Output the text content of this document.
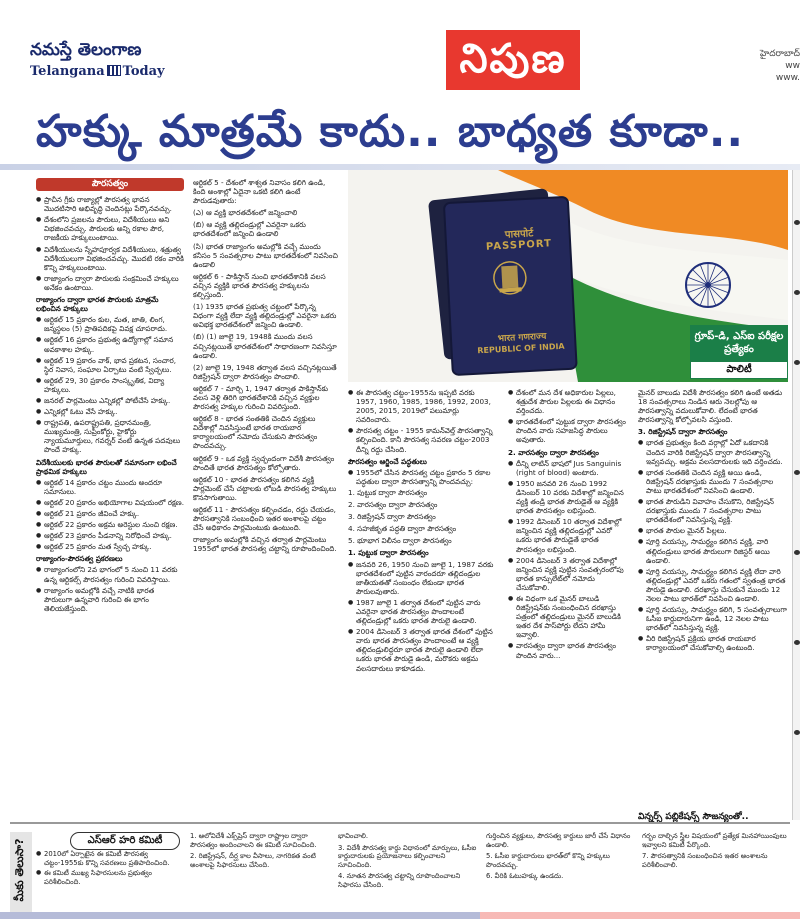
నమస్తే తెలంగాణ
Telangana Today	నిపుణ	హైదరాబాద్
ww
www.
హక్కు మాత్రమే కాదు.. బాధ్యత కూడా..
పౌరసత్వం
● ప్రాచీన గ్రీకు రాజ్యాల్లో పౌరసత్వ భావన మొదటిసారి అభివృద్ధి చెందినట్లు పేర్కొనవచ్చు.
● దేశంలోని ప్రజలను పౌరులు, విదేశీయులు అని విభజించవచ్చు. పౌరులకు అన్ని రకాల పౌర, రాజకీయ హక్కులుంటాయి.
● విదేశీయులను స్నేహపూర్వక విదేశీయులు, శత్రుత్వ విదేశీయులుగా విభజించవచ్చు. మొదటి రకం వారికి కొన్ని హక్కులుంటాయి.
● రాజ్యాంగం ద్వారా పౌరులకు సంక్రమించే హక్కులు అనేకం ఉంటాయి.
రాజ్యాంగం ద్వారా భారత పౌరులకు మాత్రమే లభించిన హక్కులు
● ఆర్టికల్ 15 ప్రకారం కుల, మత, జాతి, లింగ, జన్మస్థలం (5) ప్రాతిపదికపై వివక్ష చూపరాదు.
● ఆర్టికల్ 16 ప్రకారం ప్రభుత్వ ఉద్యోగాల్లో సమాన అవకాశాల హక్కు.
● ఆర్టికల్ 19 ప్రకారం వాక్, భావ ప్రకటన, సంచార, స్థిర నివాస, సంఘాల ఏర్పాటు వంటి స్వేచ్ఛలు.
● ఆర్టికల్ 29, 30 ప్రకారం సాంస్కృతిక, విద్యా హక్కులు.
● జనరల్ పార్లమెంటు ఎన్నికల్లో పోటీచేసే హక్కు.
● ఎన్నికల్లో ఓటు వేసే హక్కు.
● రాష్ట్రపతి, ఉపరాష్ట్రపతి, ప్రధానమంత్రి, ముఖ్యమంత్రి, సుప్రీంకోర్టు, హైకోర్టు న్యాయమూర్తులు, గవర్నర్ వంటి ఉన్నత పదవులు పొందే హక్కు.
విదేశీయులకు భారత పౌరులతో సమానంగా లభించే ప్రాథమిక హక్కులు
● ఆర్టికల్ 14 ప్రకారం చట్టం ముందు అందరూ సమానులు.
● ఆర్టికల్ 20 ప్రకారం అభియోగాల విషయంలో రక్షణ.
● ఆర్టికల్ 21 ప్రకారం జీవించే హక్కు.
● ఆర్టికల్ 22 ప్రకారం అక్రమ అరెస్టుల నుంచి రక్షణ.
● ఆర్టికల్ 23 ప్రకారం పీడనాన్ని నిరోధించే హక్కు.
● ఆర్టికల్ 25 ప్రకారం మత స్వేచ్ఛ హక్కు.
రాజ్యాంగం-పౌరసత్వ ప్రకరణలు
● రాజ్యాంగంలోని 2వ భాగంలో 5 నుంచి 11 వరకు ఉన్న ఆర్టికల్స్ పౌరసత్వం గురించి వివరిస్తాయి.
● రాజ్యాంగం అమల్లోకి వచ్చే నాటికి భారత పౌరులుగా ఉన్నవారి గురించి ఈ భాగం తెలియజేస్తుంది.

ఆర్టికల్ 5 - దేశంలో శాశ్వత నివాసం కలిగి ఉండి, కింది అంశాల్లో ఏదైనా ఒకటి కలిగి ఉంటే పౌరుడవుతారు:

(ఎ) ఆ వ్యక్తి భారతదేశంలో జన్మించాలి

(బి) ఆ వ్యక్తి తల్లిదండ్రుల్లో ఎవరైనా ఒకరు భారతదేశంలో జన్మించి ఉండాలి

(సి) భారత రాజ్యాంగం అమల్లోకి వచ్చే ముందు కనీసం 5 సంవత్సరాల పాటు భారతదేశంలో నివసించి ఉండాలి

ఆర్టికల్ 6 - పాకిస్తాన్ నుంచి భారతదేశానికి వలస వచ్చిన వ్యక్తికి భారత పౌరసత్వ హక్కులను కల్పిస్తుంది.

(1) 1935 భారత ప్రభుత్వ చట్టంలో పేర్కొన్న విధంగా వ్యక్తి లేదా వ్యక్తి తల్లిదండ్రుల్లో ఎవరైనా ఒకరు అవిభక్త భారతదేశంలో జన్మించి ఉండాలి.

(బి) (1) జూలై 19, 1948కి ముందు వలస వచ్చినట్లయితే భారతదేశంలో సాధారణంగా నివసిస్తూ ఉండాలి.

(2) జూలై 19, 1948 తర్వాత వలస వచ్చినట్లయితే రిజిస్ట్రేషన్ ద్వారా పౌరసత్వం పొందాలి.

ఆర్టికల్ 7 - మార్చి 1, 1947 తర్వాత పాకిస్తాన్‌కు వలస వెళ్లి తిరిగి భారతదేశానికి వచ్చిన వ్యక్తుల పౌరసత్వ హక్కుల గురించి వివరిస్తుంది.

ఆర్టికల్ 8 - భారత సంతతికి చెందిన వ్యక్తులు విదేశాల్లో నివసిస్తుంటే భారత రాయబార కార్యాలయంలో నమోదు చేసుకుని పౌరసత్వం పొందవచ్చు.

ఆర్టికల్ 9 - ఒక వ్యక్తి స్వచ్ఛందంగా విదేశీ పౌరసత్వం పొందితే భారత పౌరసత్వం కోల్పోతారు.

ఆర్టికల్ 10 - భారత పౌరసత్వం కలిగిన వ్యక్తి పార్లమెంట్ చేసే చట్టాలకు లోబడి పౌరసత్వ హక్కులు కొనసాగుతాయి.

ఆర్టికల్ 11 - పౌరసత్వం కల్పించడం, రద్దు చేయడం, పౌరసత్వానికి సంబంధించి ఇతర అంశాలపై చట్టం చేసే అధికారం పార్లమెంటుకు ఉంటుంది.

రాజ్యాంగం అమల్లోకి వచ్చిన తర్వాత పార్లమెంటు 1955లో భారత పౌరసత్వ చట్టాన్ని రూపొందించింది.

पासपोर्ट
PASSPORT
भारत गणराज्य
REPUBLIC OF INDIA
గ్రూప్-డి, ఎస్ఐ పరీక్షల ప్రత్యేకం
పాలిటీ
● ఈ పౌరసత్వ చట్టం-1955ను ఇప్పటి వరకు 1957, 1960, 1985, 1986, 1992, 2003, 2005, 2015, 2019లో పలుమార్లు సవరించారు.
● పౌరసత్వ చట్టం - 1955 కామన్‌వెల్త్ పౌరసత్వాన్ని కల్పించింది. కానీ పౌరసత్వ సవరణ చట్టం-2003 దీన్ని రద్దు చేసింది.
పౌరసత్వం ఆర్జించే పద్ధతులు
● 1955లో చేసిన పౌరసత్వ చట్టం ప్రకారం 5 రకాల పద్ధతుల ద్వారా పౌరసత్వాన్ని పొందవచ్చు:

1. పుట్టుక ద్వారా పౌరసత్వం

2. వారసత్వం ద్వారా పౌరసత్వం

3. రిజిస్ట్రేషన్ ద్వారా పౌరసత్వం

4. సహజీకృత పద్ధతి ద్వారా పౌరసత్వం

5. భూభాగ విలీనం ద్వారా పౌరసత్వం

1. పుట్టుక ద్వారా పౌరసత్వం
● జనవరి 26, 1950 నుంచి జూలై 1, 1987 వరకు భారతదేశంలో పుట్టిన వారందరూ తల్లిదండ్రుల జాతీయతతో సంబంధం లేకుండా భారత పౌరులవుతారు.
● 1987 జూలై 1 తర్వాత దేశంలో పుట్టిన వారు ఎవరైనా భారత పౌరసత్వం పొందాలంటే తల్లిదండ్రుల్లో ఒకరు భారత పౌరులై ఉండాలి.
● 2004 డిసెంబర్ 3 తర్వాత భారత దేశంలో పుట్టిన వారు భారత పౌరసత్వం పొందాలంటే ఆ వ్యక్తి తల్లిదండ్రులిద్దరూ భారత పౌరులై ఉండాలి లేదా ఒకరు భారత పౌరుడై ఉండి, మరొకరు అక్రమ వలసదారులు కాకూడదు.
● దేశంలో మన దేశ అధికారుల పిల్లలు, శత్రుదేశ పౌరుల పిల్లలకు ఈ విధానం వర్తించదు.
● భారతదేశంలో పుట్టుక ద్వారా పౌరసత్వం పొందిన వారు సహజసిద్ధ పౌరులు అవుతారు.
2. వారసత్వం ద్వారా పౌరసత్వం
● దీన్ని లాటిన్ భాషలో Jus Sanguinis (right of blood) అంటారు.
● 1950 జనవరి 26 నుంచి 1992 డిసెంబర్ 10 వరకు విదేశాల్లో జన్మించిన వ్యక్తి తండ్రి భారత పౌరుడైతే ఆ వ్యక్తికి భారత పౌరసత్వం లభిస్తుంది.
● 1992 డిసెంబర్ 10 తర్వాత విదేశాల్లో జన్మించిన వ్యక్తి తల్లిదండ్రుల్లో ఎవరో ఒకరు భారత పౌరుడైతే భారత పౌరసత్వం లభిస్తుంది.
● 2004 డిసెంబర్ 3 తర్వాత విదేశాల్లో జన్మించిన వ్యక్తి పుట్టిన సంవత్సరంలోపు భారత కాన్సులేట్‌లో నమోదు చేసుకోవాలి.
● ఈ విధంగా ఒక మైనర్ బాలుడి రిజిస్ట్రేషన్‌కు సంబంధించిన దరఖాస్తు పత్రంలో తల్లిదండ్రులు మైనర్ బాలుడికి ఇతర దేశ పాస్‌పోర్టు లేదని హామీ ఇవ్వాలి.
● వారసత్వం ద్వారా భారత పౌరసత్వం పొందిన వారు...

మైనర్ బాలుడు విదేశీ పౌరసత్వం కలిగి ఉంటే అతడు 18 సంవత్సరాలు నిండిన ఆరు నెలల్లోపు ఆ పౌరసత్వాన్ని వదులుకోవాలి. లేదంటే భారత పౌరసత్వాన్ని కోల్పోవలసి వస్తుంది.

3. రిజిస్ట్రేషన్ ద్వారా పౌరసత్వం
● భారత ప్రభుత్వం కింది వర్గాల్లో ఏదో ఒకదానికి చెందిన వారికి రిజిస్ట్రేషన్ ద్వారా పౌరసత్వాన్ని ఇవ్వవచ్చు. అక్రమ వలసదారులకు ఇది వర్తించదు.
● భారత సంతతికి చెందిన వ్యక్తి అయి ఉండి, రిజిస్ట్రేషన్ దరఖాస్తుకు ముందు 7 సంవత్సరాల పాటు భారతదేశంలో నివసించి ఉండాలి.
● భారత పౌరుడిని వివాహం చేసుకొని, రిజిస్ట్రేషన్ దరఖాస్తుకు ముందు 7 సంవత్సరాల పాటు భారతదేశంలో నివసిస్తున్న వ్యక్తి.
● భారత పౌరుల మైనర్ పిల్లలు.
● పూర్తి వయస్సు, సామర్థ్యం కలిగిన వ్యక్తి, వారి తల్లిదండ్రులు భారత పౌరులుగా రిజిస్టర్ అయి ఉండాలి.
● పూర్తి వయస్సు, సామర్థ్యం కలిగిన వ్యక్తి లేదా వారి తల్లిదండ్రుల్లో ఎవరో ఒకరు గతంలో స్వతంత్ర భారత పౌరుడై ఉండాలి. దరఖాస్తు చేసుకునే ముందు 12 నెలల పాటు భారత్‌లో నివసించి ఉండాలి.
● పూర్తి వయస్సు, సామర్థ్యం కలిగి, 5 సంవత్సరాలుగా ఓసీఐ కార్డుదారునిగా ఉండి, 12 నెలల పాటు భారత్‌లో నివసిస్తున్న వ్యక్తి.
● వీరి రిజిస్ట్రేషన్ ప్రక్రియ భారత రాయబార కార్యాలయంలో చేసుకోవాల్సి ఉంటుంది.
విన్నర్స్ పబ్లికేషన్స్ సౌజన్యంతో..
మీకు తెలుసా?	ఎస్ఆర్ హరి కమిటీ
● 2010లో ఏర్పాటైన ఈ కమిటీ పౌరసత్వ చట్టం-1955కు కొన్ని సవరణలు ప్రతిపాదించింది.
● ఈ కమిటీ ముఖ్య సిఫారసులను ప్రభుత్వం పరిశీలించింది.

1. ఆలోవిదేశీ ఎక్స్‌ప్రెస్ ద్వారా రాష్ట్రాల ద్వారా పౌరసత్వం అందించాలని ఈ కమిటీ సూచించింది.

2. రిజిస్ట్రేషన్, దీర్ఘ కాల వీసాలు, నాగరికత వంటి అంశాలపై సిఫారసులు చేసింది.

భావించాలి.

3. విదేశీ పౌరసత్వ కార్డు విధానంలో మార్పులు, ఓసీఐ కార్డుదారులకు ప్రయోజనాలు కల్పించాలని సూచించింది.

4. నూతన పౌరసత్వ చట్టాన్ని రూపొందించాలని సిఫారసు చేసింది.

గుర్తించిన వ్యక్తులు, పౌరసత్వ కార్డులు జారీ చేసే విధానం ఉండాలి.

5. ఓసీఐ కార్డుదారులు భారత్‌లో కొన్ని హక్కులు పొందవచ్చు.

6. వీరికి ఓటుహక్కు ఉండదు.

గర్భం దాల్చిన స్త్రీల విషయంలో ప్రత్యేక మినహాయింపులు ఇవ్వాలని కమిటీ పేర్కొంది.

7. పౌరసత్వానికి సంబంధించిన ఇతర అంశాలను పరిశీలించాలి.
